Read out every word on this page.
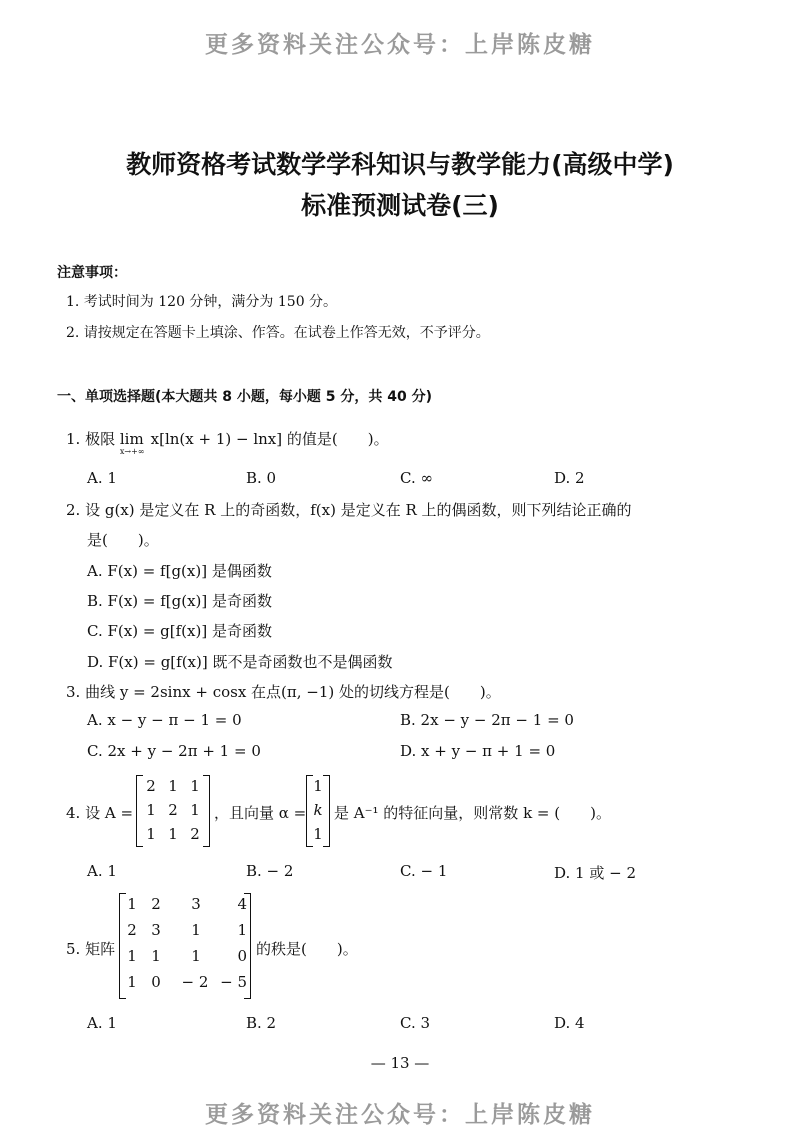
更多资料关注公众号：上岸陈皮糖
教师资格考试数学学科知识与教学能力(高级中学)
标准预测试卷(三)
注意事项：
1. 考试时间为 120 分钟，满分为 150 分。
2. 请按规定在答题卡上填涂、作答。在试卷上作答无效，不予评分。
一、单项选择题(本大题共 8 小题，每小题 5 分，共 40 分)
1. 极限 lim
x→+∞
x[ln(x + 1) − lnx] 的值是(　　)。
A. 1	B. 0	C. ∞	D. 2
2. 设 g(x) 是定义在 R 上的奇函数，f(x) 是定义在 R 上的偶函数，则下列结论正确的
是(　　)。
A. F(x) = f[g(x)] 是偶函数
B. F(x) = f[g(x)] 是奇函数
C. F(x) = g[f(x)] 是奇函数
D. F(x) = g[f(x)] 既不是奇函数也不是偶函数
3. 曲线 y = 2sinx + cosx 在点(π, −1) 处的切线方程是(　　)。
A. x − y − π − 1 = 0	B. 2x − y − 2π − 1 = 0
C. 2x + y − 2π + 1 = 0	D. x + y − π + 1 = 0
4. 设 A =
2 1 1
1 2 1
1 1 2
，且向量 α =
1
k
1
是 A⁻¹ 的特征向量，则常数 k = (　　)。
A. 1	B. − 2	C. − 1	D. 1 或 − 2
5. 矩阵
1 2	3	4
2 3	1	1
1 1	1	0
1 0	− 2 − 5
的秩是(　　)。
A. 1	B. 2	C. 3	D. 4
— 13 —
更多资料关注公众号：上岸陈皮糖
